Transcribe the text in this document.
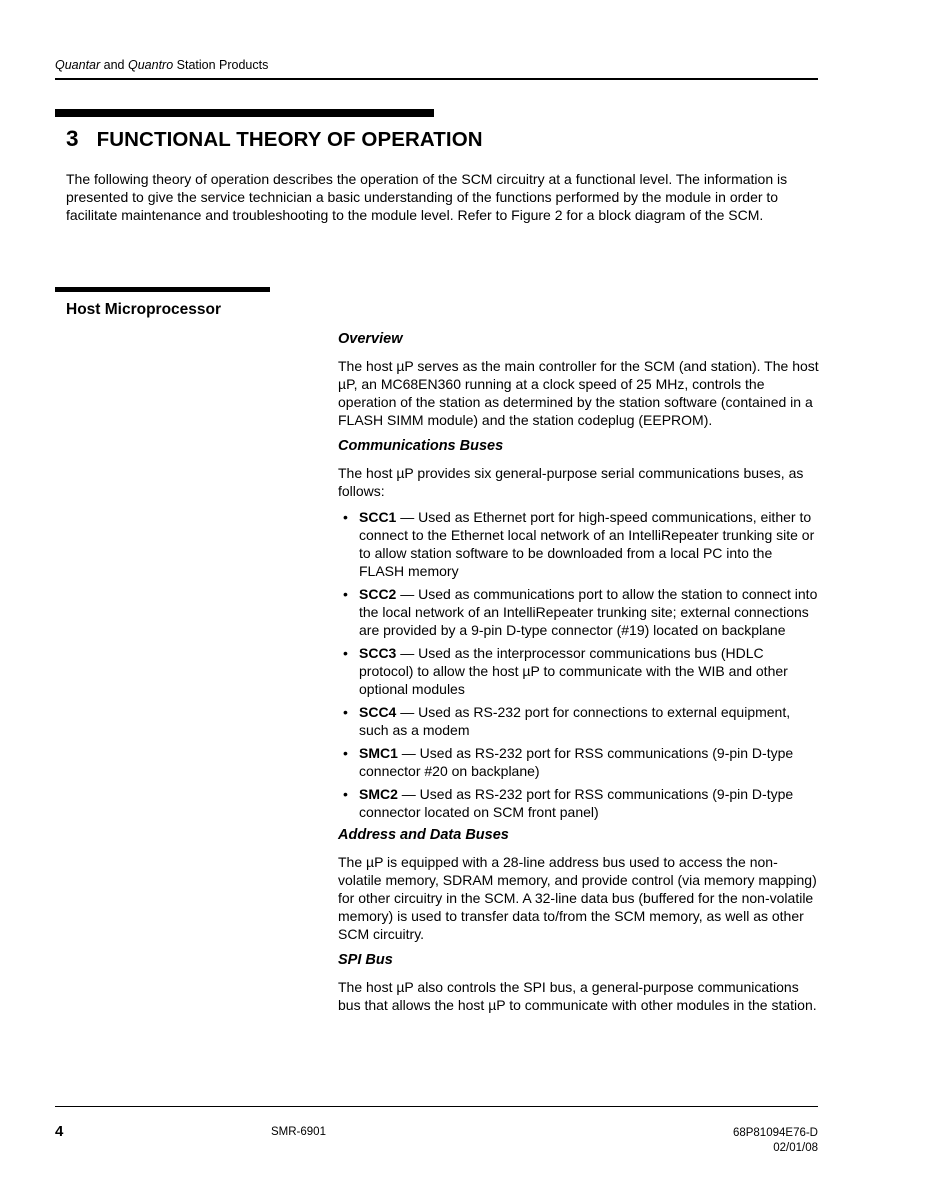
Quantar and Quantro Station Products
3 FUNCTIONAL THEORY OF OPERATION
The following theory of operation describes the operation of the SCM circuitry at a functional level. The information is presented to give the service technician a basic understanding of the functions performed by the module in order to facilitate maintenance and troubleshooting to the module level. Refer to Figure 2 for a block diagram of the SCM.
Host Microprocessor
Overview

The host µP serves as the main controller for the SCM (and station). The host µP, an MC68EN360 running at a clock speed of 25 MHz, controls the operation of the station as determined by the station software (contained in a FLASH SIMM module) and the station codeplug (EEPROM).

Communications Buses

The host µP provides six general-purpose serial communications buses, as follows:

• SCC1 — Used as Ethernet port for high-speed communications, either to connect to the Ethernet local network of an IntelliRepeater trunking site or to allow station software to be downloaded from a local PC into the FLASH memory
• SCC2 — Used as communications port to allow the station to connect into the local network of an IntelliRepeater trunking site; external connections are provided by a 9-pin D-type connector (#19) located on backplane
• SCC3 — Used as the interprocessor communications bus (HDLC protocol) to allow the host µP to communicate with the WIB and other optional modules
• SCC4 — Used as RS-232 port for connections to external equipment, such as a modem
• SMC1 — Used as RS-232 port for RSS communications (9-pin D-type connector #20 on backplane)
• SMC2 — Used as RS-232 port for RSS communications (9-pin D-type connector located on SCM front panel)
Address and Data Buses

The µP is equipped with a 28-line address bus used to access the non-volatile memory, SDRAM memory, and provide control (via memory mapping) for other circuitry in the SCM. A 32-line data bus (buffered for the non-volatile memory) is used to transfer data to/from the SCM memory, as well as other SCM circuitry.

SPI Bus

The host µP also controls the SPI bus, a general-purpose communications bus that allows the host µP to communicate with other modules in the station.

4	SMR-6901	68P81094E76-D
02/01/08
